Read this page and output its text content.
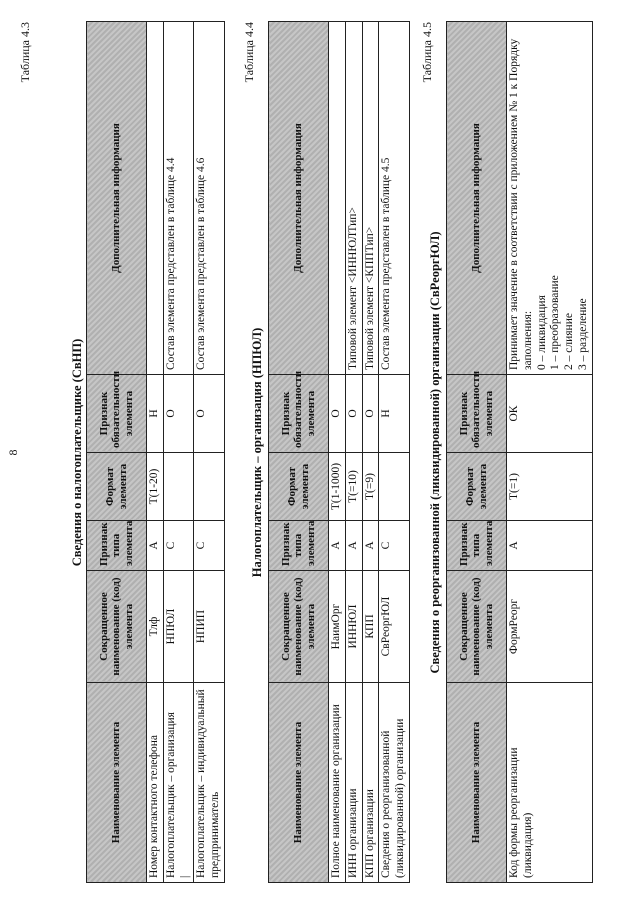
8
Таблица 4.3
Сведения о налогоплательщике (СвНП)
Наименование элемента	Сокращенное наименование (код) элемента	Признак типа элемента	Формат элемента	Признак обязательности элемента	Дополнительная информация
Номер контактного телефона	Тлф	А	Т(1-20)	Н	
Налогоплательщик – организация |	НПЮЛ	С		О	Состав элемента представлен в таблице 4.4
Налогоплательщик – индивидуальный предприниматель	НПИП	С		О	Состав элемента представлен в таблице 4.6
Таблица 4.4
Налогоплательщик – организация (НПЮЛ)
Наименование элемента	Сокращенное наименование (код) элемента	Признак типа элемента	Формат элемента	Признак обязательности элемента	Дополнительная информация
Полное наименование организации	НаимОрг	А	Т(1-1000)	О	
ИНН организации	ИННЮЛ	А	Т(=10)	О	Типовой элемент <ИННЮЛТип>
КПП организации	КПП	А	Т(=9)	О	Типовой элемент <КППТип>
Сведения о реорганизованной (ликвидированной) организации	СвРеоргЮЛ	С		Н	Состав элемента представлен в таблице 4.5
Таблица 4.5
Сведения о реорганизованной (ликвидированной) организации (СвРеоргЮЛ)
Наименование элемента	Сокращенное наименование (код) элемента	Признак типа элемента	Формат элемента	Признак обязательности элемента	Дополнительная информация
Код формы реорганизации (ликвидация)	ФормРеорг	А	Т(=1)	ОК	Принимает значение в соответствии с приложением № 1 к Порядку заполнения: 0 – ликвидация 1 – преобразование 2 – слияние 3 – разделение
